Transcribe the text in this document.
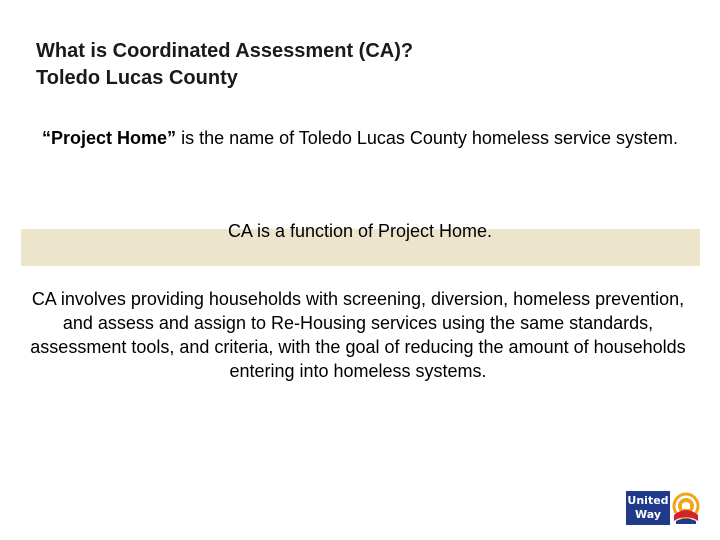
What is Coordinated Assessment (CA)?
Toledo Lucas County

“Project Home” is the name of Toledo Lucas County homeless service system.

CA is a function of Project Home.

CA involves providing households with screening, diversion, homeless prevention, and assess and assign to Re-Housing services using the same standards, assessment tools, and criteria, with the goal of reducing the amount of households entering into homeless systems.

United
Way
